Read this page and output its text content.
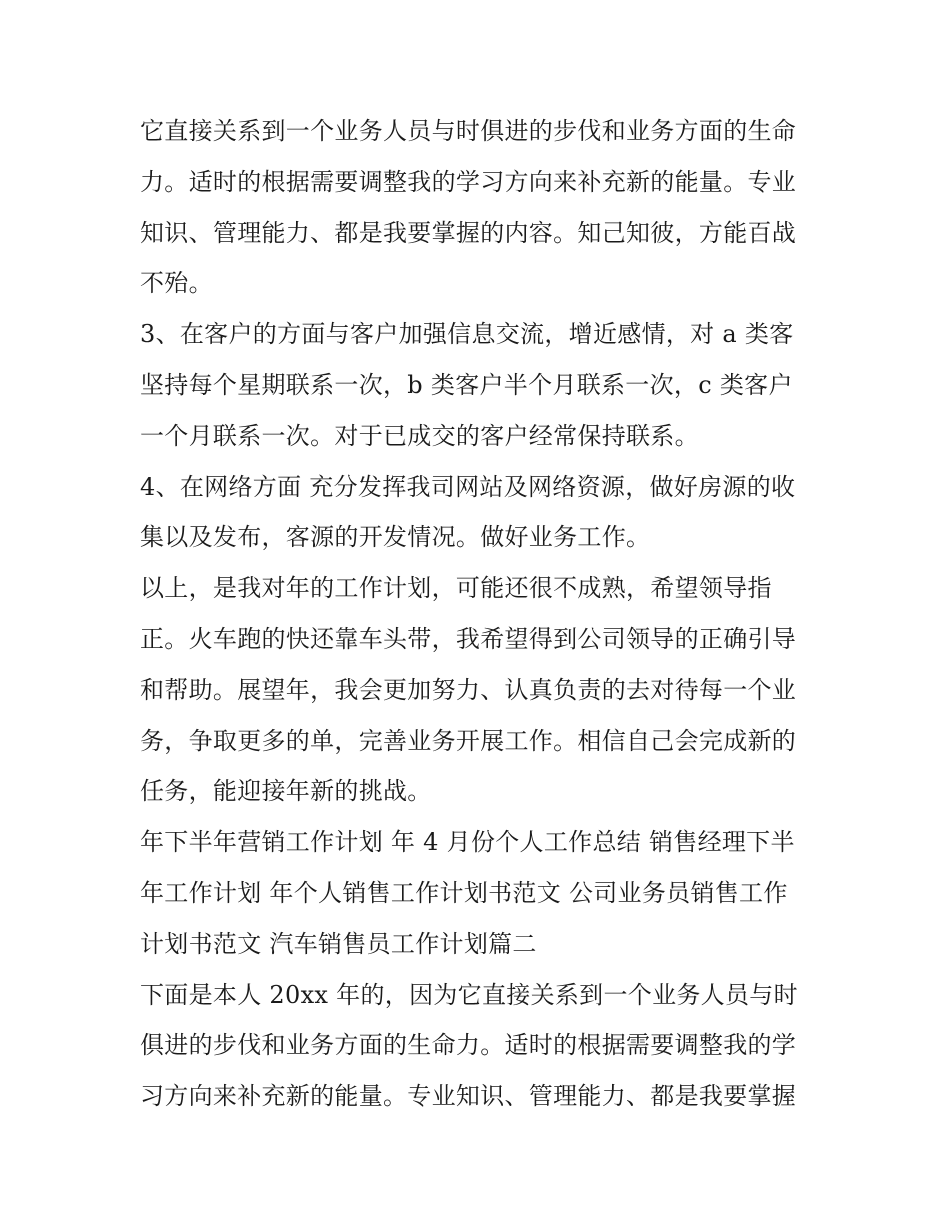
它直接关系到一个业务人员与时俱进的步伐和业务方面的生命
力。适时的根据需要调整我的学习方向来补充新的能量。专业
知识、管理能力、都是我要掌握的内容。知己知彼，方能百战
不殆。
3、在客户的方面与客户加强信息交流，增近感情，对 a 类客
坚持每个星期联系一次，b 类客户半个月联系一次，c 类客户
一个月联系一次。对于已成交的客户经常保持联系。
4、在网络方面 充分发挥我司网站及网络资源，做好房源的收
集以及发布，客源的开发情况。做好业务工作。
以上，是我对年的工作计划，可能还很不成熟，希望领导指
正。火车跑的快还靠车头带，我希望得到公司领导的正确引导
和帮助。展望年，我会更加努力、认真负责的去对待每一个业
务，争取更多的单，完善业务开展工作。相信自己会完成新的
任务，能迎接年新的挑战。
年下半年营销工作计划 年 4 月份个人工作总结 销售经理下半
年工作计划 年个人销售工作计划书范文 公司业务员销售工作
计划书范文 汽车销售员工作计划篇二
下面是本人 20xx 年的，因为它直接关系到一个业务人员与时
俱进的步伐和业务方面的生命力。适时的根据需要调整我的学
习方向来补充新的能量。专业知识、管理能力、都是我要掌握
